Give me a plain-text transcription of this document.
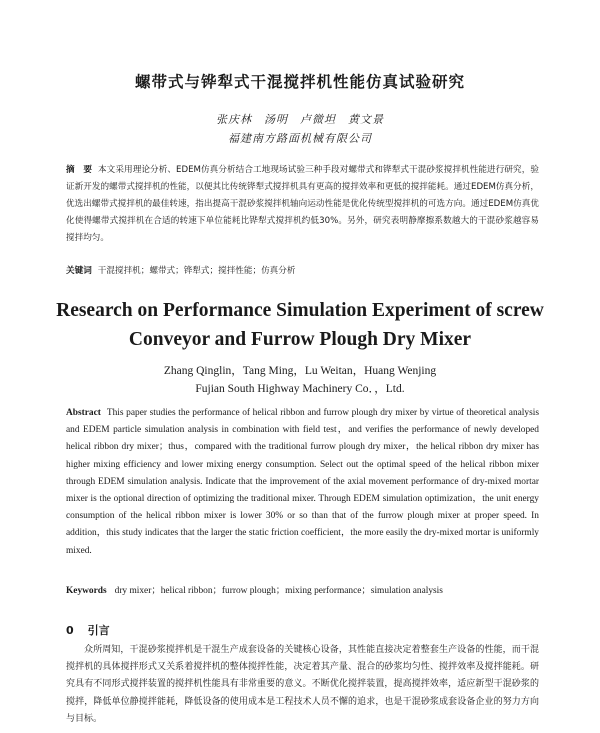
螺带式与铧犁式干混搅拌机性能仿真试验研究
张庆林　汤明　卢微坦　黄文景
福建南方路面机械有限公司
摘　要 本文采用理论分析、EDEM仿真分析结合工地现场试验三种手段对螺带式和铧犁式干混砂浆搅拌机性能进行研究，验证新开发的螺带式搅拌机的性能，以便其比传统铧犁式搅拌机具有更高的搅拌效率和更低的搅拌能耗。通过EDEM仿真分析，优选出螺带式搅拌机的最佳转速，指出提高干混砂浆搅拌机轴向运动性能是优化传统型搅拌机的可选方向。通过EDEM仿真优化使得螺带式搅拌机在合适的转速下单位能耗比铧犁式搅拌机约低30%。另外，研究表明静摩擦系数越大的干混砂浆越容易搅拌均匀。
关键词 干混搅拌机；螺带式；铧犁式；搅拌性能；仿真分析
Research on Performance Simulation Experiment of screw Conveyor and Furrow Plough Dry Mixer
Zhang Qinglin，Tang Ming，Lu Weitan，Huang Wenjing
Fujian South Highway Machinery Co．，Ltd.
Abstract This paper studies the performance of helical ribbon and furrow plough dry mixer by virtue of theoretical analysis and EDEM particle simulation analysis in combination with field test，and verifies the performance of newly developed helical ribbon dry mixer；thus，compared with the traditional furrow plough dry mixer，the helical ribbon dry mixer has higher mixing efficiency and lower mixing energy consumption. Select out the optimal speed of the helical ribbon mixer through EDEM simulation analysis. Indicate that the improvement of the axial movement performance of dry-mixed mortar mixer is the optional direction of optimizing the traditional mixer. Through EDEM simulation optimization，the unit energy consumption of the helical ribbon mixer is lower 30% or so than that of the furrow plough mixer at proper speed. In addition，this study indicates that the larger the static friction coefficient，the more easily the dry-mixed mortar is uniformly mixed.
Keywords dry mixer；helical ribbon；furrow plough；mixing performance；simulation analysis
0 引言
众所周知，干混砂浆搅拌机是干混生产成套设备的关键核心设备，其性能直接决定着整套生产设备的性能，而干混搅拌机的具体搅拌形式又关系着搅拌机的整体搅拌性能，决定着其产量、混合的砂浆均匀性、搅拌效率及搅拌能耗。研究具有不同形式搅拌装置的搅拌机性能具有非常重要的意义。不断优化搅拌装置，提高搅拌效率，适应新型干混砂浆的搅拌，降低单位静搅拌能耗，降低设备的使用成本是工程技术人员不懈的追求，也是干混砂浆成套设备企业的努力方向与目标。
